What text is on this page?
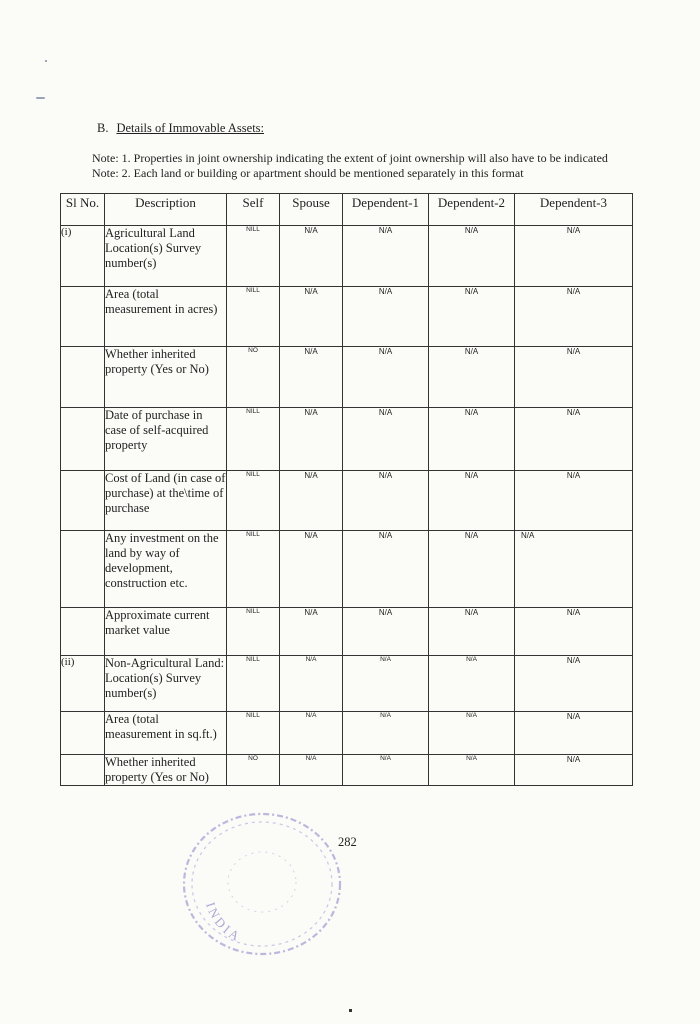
B. Details of Immovable Assets:
Note: 1. Properties in joint ownership indicating the extent of joint ownership will also have to be indicated
Note: 2. Each land or building or apartment should be mentioned separately in this format
Sl No.	Description	Self	Spouse	Dependent-1	Dependent-2	Dependent-3
(i)	Agricultural Land Location(s) Survey number(s)	NILL	N/A	N/A	N/A	N/A
	Area (total measurement in acres)	NILL	N/A	N/A	N/A	N/A
	Whether inherited property (Yes or No)	NO	N/A	N/A	N/A	N/A
	Date of purchase in case of self-acquired property	NILL	N/A	N/A	N/A	N/A
	Cost of Land (in case of purchase) at the\time of purchase	NILL	N/A	N/A	N/A	N/A
	Any investment on the land by way of development, construction etc.	NILL	N/A	N/A	N/A	N/A
	Approximate current market value	NILL	N/A	N/A	N/A	N/A
(ii)	Non-Agricultural Land: Location(s) Survey number(s)	NILL	N/A	N/A	N/A	N/A
	Area (total measurement in sq.ft.)	NILL	N/A	N/A	N/A	N/A
	Whether inherited property (Yes or No)	NO	N/A	N/A	N/A	N/A
INDIA
282
